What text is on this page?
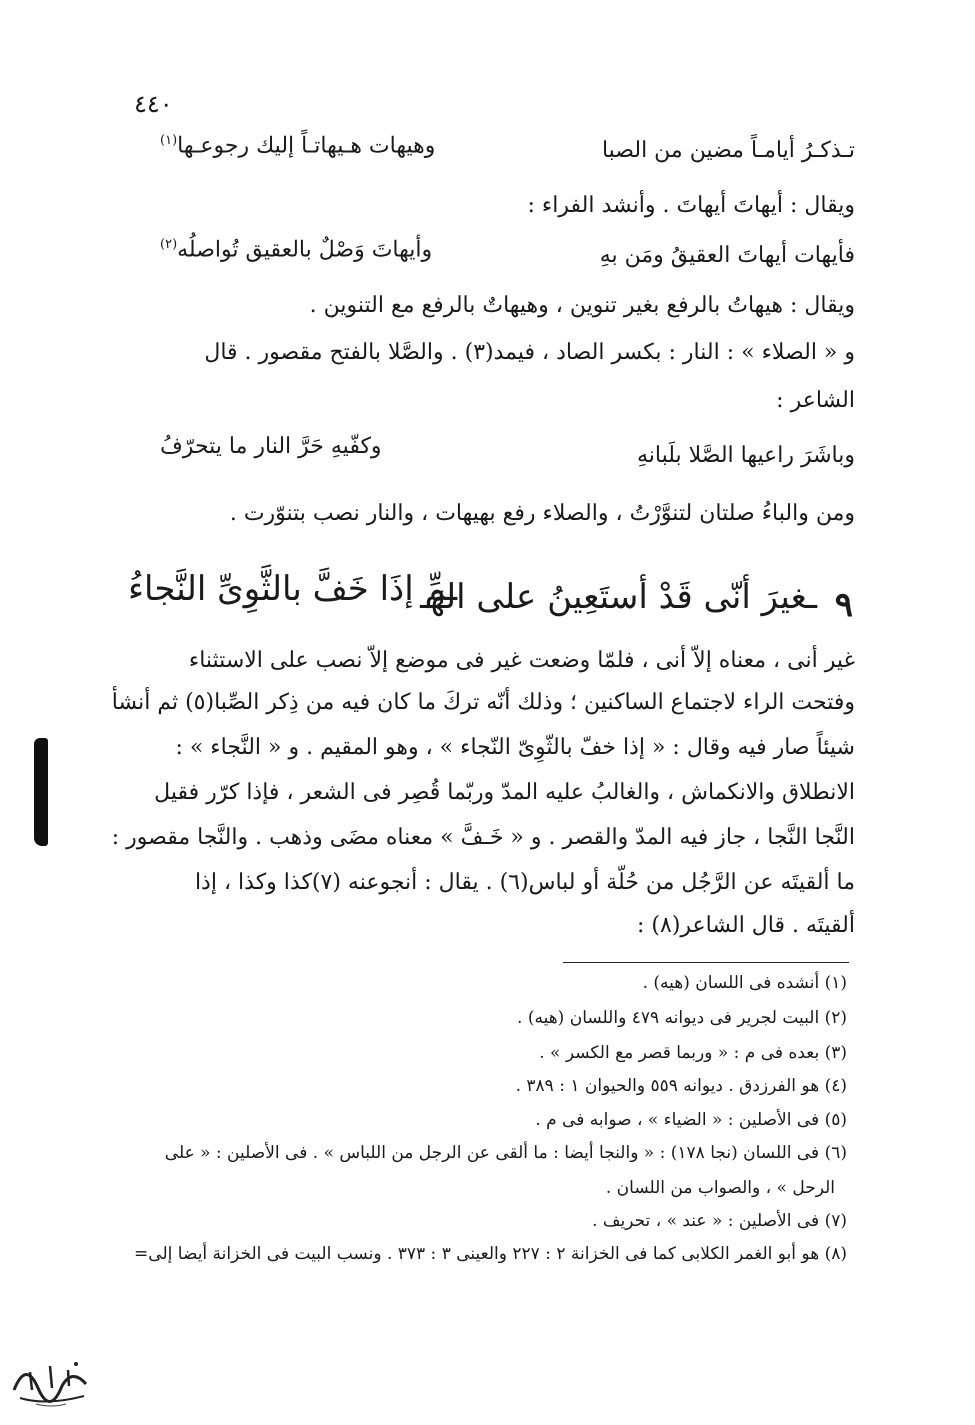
٤٤٠
تـذكـرُ أيامـاً مضين من الصبا
وهيهات هـيهاتـاً إليك رجوعـها$^{(١)}$
ويقال : أيهاتَ أيهاتَ . وأنشد الفراء :
فأيهات أيهاتَ العقيقُ ومَن بهِ
وأيهاتَ وَصْلٌ بالعقيق تُواصلُه$^{(٢)}$
ويقال : هيهاتُ بالرفع بغير تنوين ، وهيهاتٌ بالرفع مع التنوين .
و « الصلاء » : النار : بكسر الصاد ، فيمد(٣) . والصَّلا بالفتح مقصور . قال
الشاعر :
وباشَرَ راعيها الصَّلا بلَبانهِ
وكفّيهِ حَرَّ النار ما يتحرّفُ
ومن والباءُ صلتان لتنوَّرْتُ ، والصلاء رفع بهيهات ، والنار نصب بتنوّرت .
٩
ـغيرَ أنّى قَدْ أستَعِينُ على الهَـ
ـمِّ إذَا خَفَّ بالثَّوِىِّ النَّجاءُ
غير أنى ، معناه إلاّ أنى ، فلمّا وضعت غير فى موضع إلاّ نصب على الاستثناء
وفتحت الراء لاجتماع الساكنين ؛ وذلك أنّه تركَ ما كان فيه من ذِكر الصِّبا(٥) ثم أنشأ
شيئاً صار فيه وقال : « إذا خفّ بالثّوِىّ النّجاء » ، وهو المقيم . و « النَّجاء » :
الانطلاق والانكماش ، والغالبُ عليه المدّ وربّما قُصِر فى الشعر ، فإذا كرّر فقيل
النَّجا النَّجا ، جاز فيه المدّ والقصر . و « خَـفَّ » معناه مضَى وذهب . والنَّجا مقصور :
ما ألقيتَه عن الرَّجُل من حُلّة أو لباس(٦) . يقال : أنجوعنه (٧)كذا وكذا ، إذا
ألقيتَه . قال الشاعر(٨) :
(١) أنشده فى اللسان (هيه) .
(٢) البيت لجرير فى ديوانه ٤٧٩ واللسان (هيه) .
(٣) بعده فى م : « وربما قصر مع الكسر » .
(٤) هو الفرزدق . ديوانه ٥٥٩ والحيوان ١ : ٣٨٩ .
(٥) فى الأصلين : « الضياء » ، صوابه فى م .
(٦) فى اللسان (نجا ١٧٨) : « والنجا أيضا : ما ألقى عن الرجل من اللباس » . فى الأصلين : « على
الرحل » ، والصواب من اللسان .
(٧) فى الأصلين : « عند » ، تحريف .
(٨) هو أبو الغمر الكلابى كما فى الخزانة ٢ : ٢٢٧ والعينى ٣ : ٣٧٣ . ونسب البيت فى الخزانة أيضا إلى=
